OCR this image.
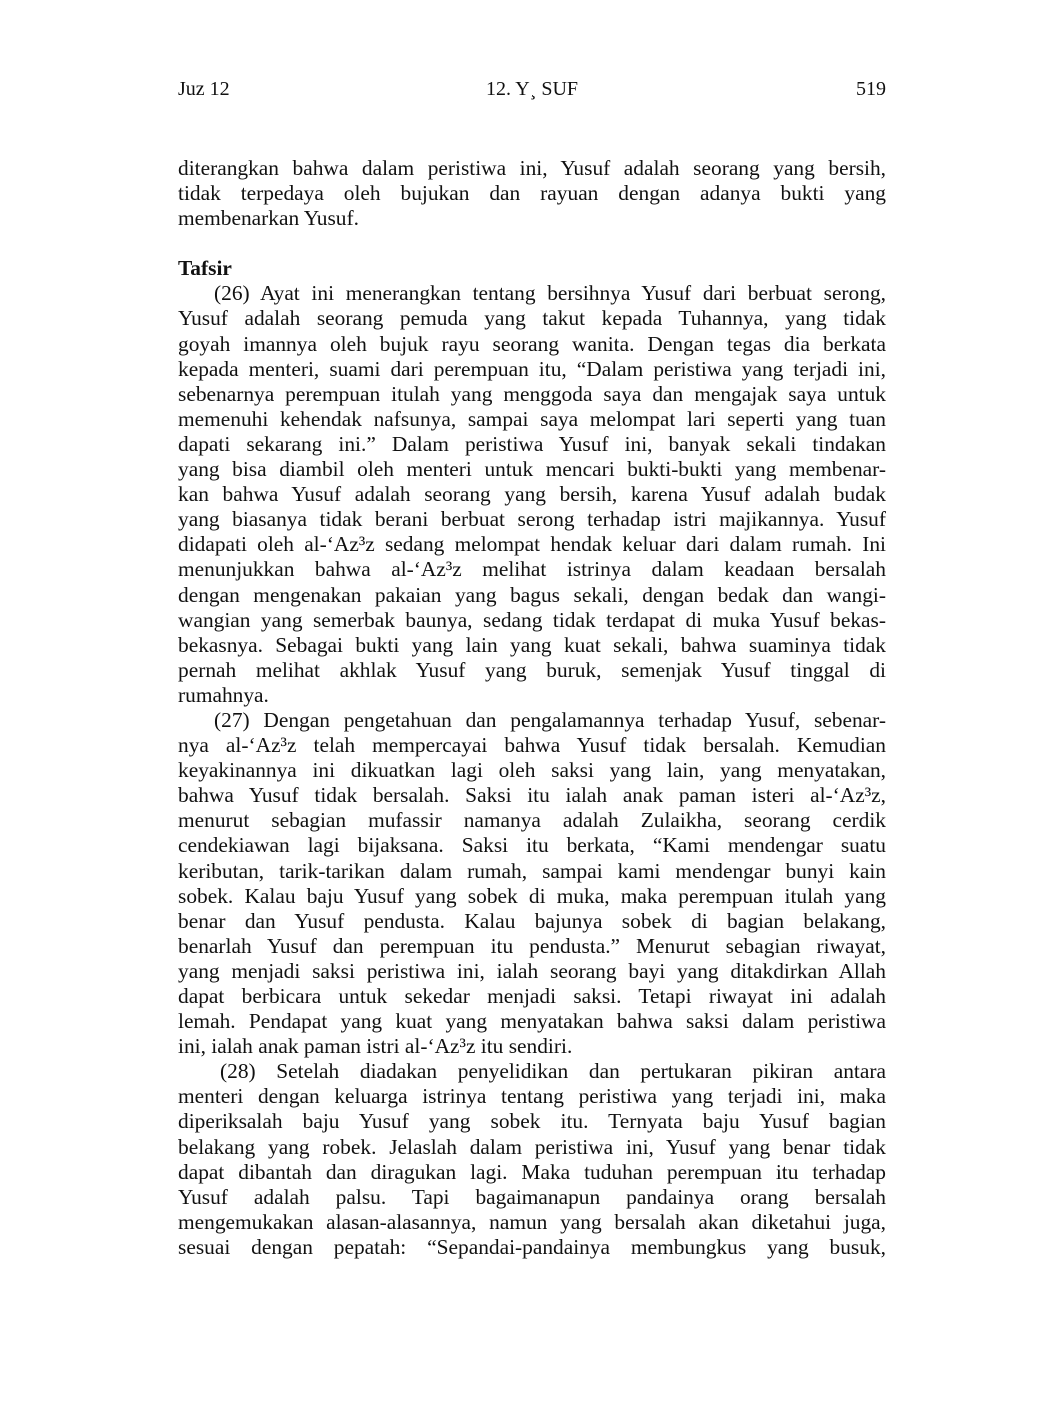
Juz 12	12. Y¸ SUF	519
diterangkan bahwa dalam peristiwa ini, Yusuf adalah seorang yang bersih,
tidak terpedaya oleh bujukan dan rayuan dengan adanya bukti yang
membenarkan Yusuf.
Tafsir
(26) Ayat ini menerangkan tentang bersihnya Yusuf dari berbuat serong,
Yusuf adalah seorang pemuda yang takut kepada Tuhannya, yang tidak
goyah imannya oleh bujuk rayu seorang wanita. Dengan tegas dia berkata
kepada menteri, suami dari perempuan itu, “Dalam peristiwa yang terjadi ini,
sebenarnya perempuan itulah yang menggoda saya dan mengajak saya untuk
memenuhi kehendak nafsunya, sampai saya melompat lari seperti yang tuan
dapati sekarang ini.” Dalam peristiwa Yusuf ini, banyak sekali tindakan
yang bisa diambil oleh menteri untuk mencari bukti-bukti yang membenar-
kan bahwa Yusuf adalah seorang yang bersih, karena Yusuf adalah budak
yang biasanya tidak berani berbuat serong terhadap istri majikannya. Yusuf
didapati oleh al-‘Az³z sedang melompat hendak keluar dari dalam rumah. Ini
menunjukkan bahwa al-‘Az³z melihat istrinya dalam keadaan bersalah
dengan mengenakan pakaian yang bagus sekali, dengan bedak dan wangi-
wangian yang semerbak baunya, sedang tidak terdapat di muka Yusuf bekas-
bekasnya. Sebagai bukti yang lain yang kuat sekali, bahwa suaminya tidak
pernah melihat akhlak Yusuf yang buruk, semenjak Yusuf tinggal di
rumahnya.
(27) Dengan pengetahuan dan pengalamannya terhadap Yusuf, sebenar-
nya al-‘Az³z telah mempercayai bahwa Yusuf tidak bersalah. Kemudian
keyakinannya ini dikuatkan lagi oleh saksi yang lain, yang menyatakan,
bahwa Yusuf tidak bersalah. Saksi itu ialah anak paman isteri al-‘Az³z,
menurut sebagian mufassir namanya adalah Zulaikha, seorang cerdik
cendekiawan lagi bijaksana. Saksi itu berkata, “Kami mendengar suatu
keributan, tarik-tarikan dalam rumah, sampai kami mendengar bunyi kain
sobek. Kalau baju Yusuf yang sobek di muka, maka perempuan itulah yang
benar dan Yusuf pendusta. Kalau bajunya sobek di bagian belakang,
benarlah Yusuf dan perempuan itu pendusta.” Menurut sebagian riwayat,
yang menjadi saksi peristiwa ini, ialah seorang bayi yang ditakdirkan Allah
dapat berbicara untuk sekedar menjadi saksi. Tetapi riwayat ini adalah
lemah. Pendapat yang kuat yang menyatakan bahwa saksi dalam peristiwa
ini, ialah anak paman istri al-‘Az³z itu sendiri.
(28) Setelah diadakan penyelidikan dan pertukaran pikiran antara
menteri dengan keluarga istrinya tentang peristiwa yang terjadi ini, maka
diperiksalah baju Yusuf yang sobek itu. Ternyata baju Yusuf bagian
belakang yang robek. Jelaslah dalam peristiwa ini, Yusuf yang benar tidak
dapat dibantah dan diragukan lagi. Maka tuduhan perempuan itu terhadap
Yusuf adalah palsu. Tapi bagaimanapun pandainya orang bersalah
mengemukakan alasan-alasannya, namun yang bersalah akan diketahui juga,
sesuai dengan pepatah: “Sepandai-pandainya membungkus yang busuk,
